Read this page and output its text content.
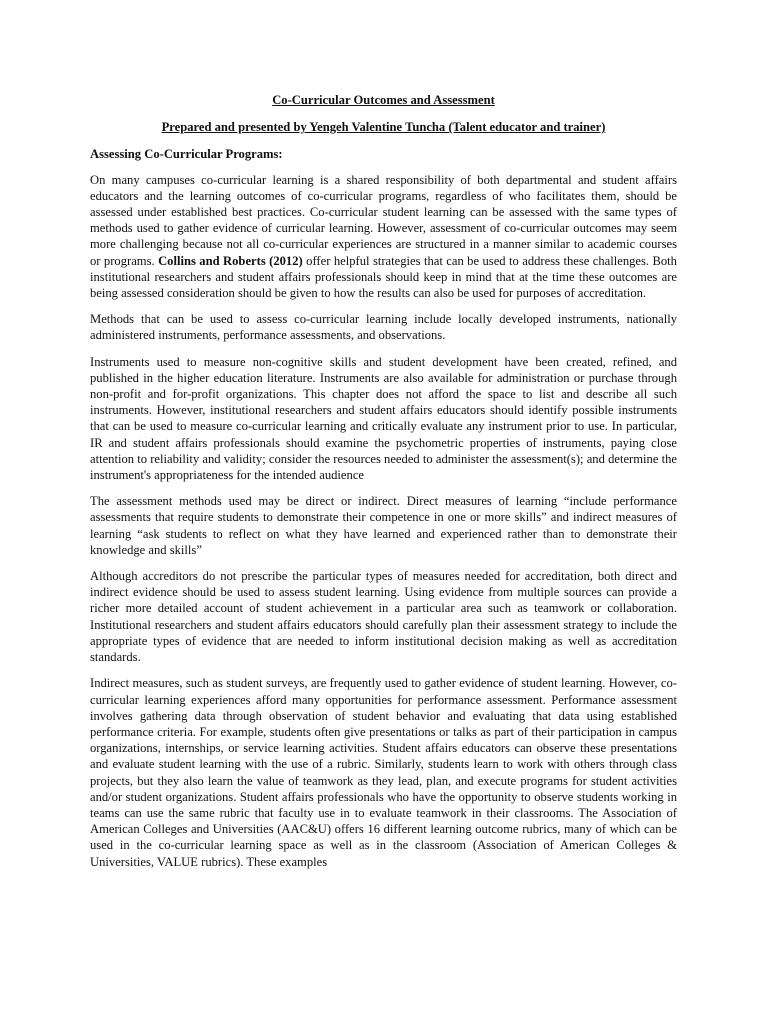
Co-Curricular Outcomes and Assessment

Prepared and presented by Yengeh Valentine Tuncha (Talent educator and trainer)

Assessing Co-Curricular Programs:

On many campuses co-curricular learning is a shared responsibility of both departmental and student affairs educators and the learning outcomes of co-curricular programs, regardless of who facilitates them, should be assessed under established best practices. Co-curricular student learning can be assessed with the same types of methods used to gather evidence of curricular learning. However, assessment of co-curricular outcomes may seem more challenging because not all co-curricular experiences are structured in a manner similar to academic courses or programs. Collins and Roberts (2012) offer helpful strategies that can be used to address these challenges. Both institutional researchers and student affairs professionals should keep in mind that at the time these outcomes are being assessed consideration should be given to how the results can also be used for purposes of accreditation.

Methods that can be used to assess co-curricular learning include locally developed instruments, nationally administered instruments, performance assessments, and observations.

Instruments used to measure non-cognitive skills and student development have been created, refined, and published in the higher education literature. Instruments are also available for administration or purchase through non-profit and for-profit organizations. This chapter does not afford the space to list and describe all such instruments. However, institutional researchers and student affairs educators should identify possible instruments that can be used to measure co-curricular learning and critically evaluate any instrument prior to use. In particular, IR and student affairs professionals should examine the psychometric properties of instruments, paying close attention to reliability and validity; consider the resources needed to administer the assessment(s); and determine the instrument's appropriateness for the intended audience

The assessment methods used may be direct or indirect. Direct measures of learning “include performance assessments that require students to demonstrate their competence in one or more skills” and indirect measures of learning “ask students to reflect on what they have learned and experienced rather than to demonstrate their knowledge and skills”

Although accreditors do not prescribe the particular types of measures needed for accreditation, both direct and indirect evidence should be used to assess student learning. Using evidence from multiple sources can provide a richer more detailed account of student achievement in a particular area such as teamwork or collaboration. Institutional researchers and student affairs educators should carefully plan their assessment strategy to include the appropriate types of evidence that are needed to inform institutional decision making as well as accreditation standards.

Indirect measures, such as student surveys, are frequently used to gather evidence of student learning. However, co-curricular learning experiences afford many opportunities for performance assessment. Performance assessment involves gathering data through observation of student behavior and evaluating that data using established performance criteria. For example, students often give presentations or talks as part of their participation in campus organizations, internships, or service learning activities. Student affairs educators can observe these presentations and evaluate student learning with the use of a rubric. Similarly, students learn to work with others through class projects, but they also learn the value of teamwork as they lead, plan, and execute programs for student activities and/or student organizations. Student affairs professionals who have the opportunity to observe students working in teams can use the same rubric that faculty use in to evaluate teamwork in their classrooms. The Association of American Colleges and Universities (AAC&U) offers 16 different learning outcome rubrics, many of which can be used in the co-curricular learning space as well as in the classroom (Association of American Colleges & Universities, VALUE rubrics). These examples
